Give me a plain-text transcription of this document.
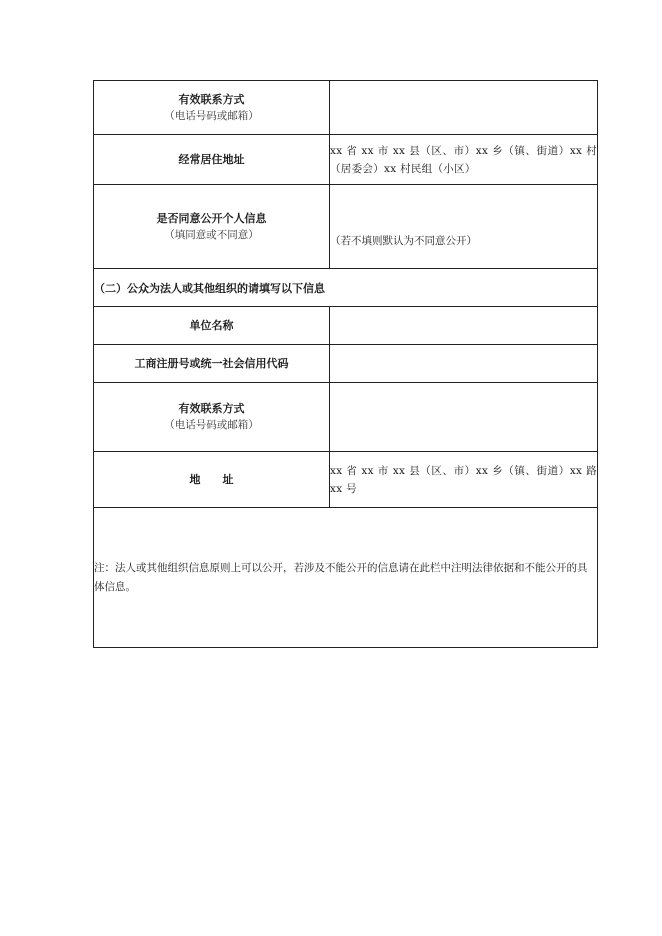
有效联系方式
（电话号码或邮箱）	

经常居住地址	xx 省 xx 市 xx 县（区、市）xx 乡（镇、街道）xx 村（居委会）xx 村民组（小区）

是否同意公开个人信息
（填同意或不同意）	（若不填则默认为不同意公开）

（二）公众为法人或其他组织的请填写以下信息	

单位名称	

工商注册号或统一社会信用代码	

有效联系方式
（电话号码或邮箱）	

地　　址	xx 省 xx 市 xx 县（区、市）xx 乡（镇、街道）xx 路 xx 号
注：法人或其他组织信息原则上可以公开，若涉及不能公开的信息请在此栏中注明法律依据和不能公开的具体信息。	
